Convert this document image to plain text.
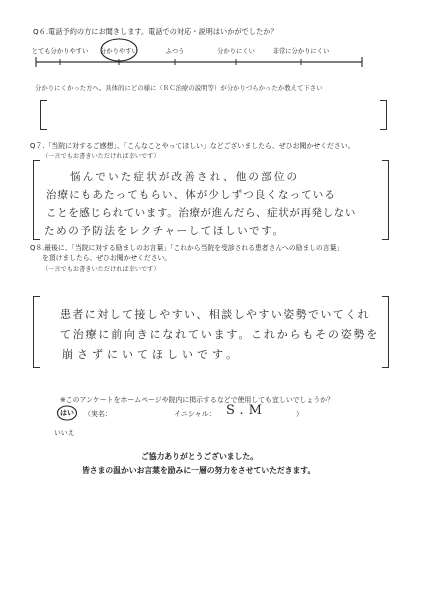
Q６.電話予約の方にお聞きします。電話での対応・説明はいかがでしたか？
とても分かりやすい 分かりやすい	ふつう	分かりにくい	非常に分かりにくい
分かりにくかった方へ。具体的にどの様に（ＲＣ治療の説明等）が分かりづらかったか教えて下さい
Q７.「当院に対するご感想」、「こんなことやってほしい」などございましたら、ぜひお聞かせください。
（一言でもお書きいただければ幸いです）
悩んでいた症状が改善され、他の部位の
治療にもあたってもらい、体が少しずつ良くなっている
ことを感じられています。治療が進んだら、症状が再発しない
ための予防法をレクチャーしてほしいです。
Q８.最後に、「当院に対する励ましのお言葉」「これから当院を受診される患者さんへの励ましの言葉」
を頂けましたら、ぜひお聞かせください。
（一言でもお書きいただければ幸いです）
患者に対して接しやすい、相談しやすい姿勢でいてくれ
て治療に前向きになれています。これからもその姿勢を
崩さずにいてほしいです。
※このアンケートをホームページや院内に掲示するなどで使用しても宜しいでしょうか？
はい
いいえ
（実名：	イニシャル： S.M	）
ご協力ありがとうございました。
皆さまの温かいお言葉を励みに一層の努力をさせていただきます。
